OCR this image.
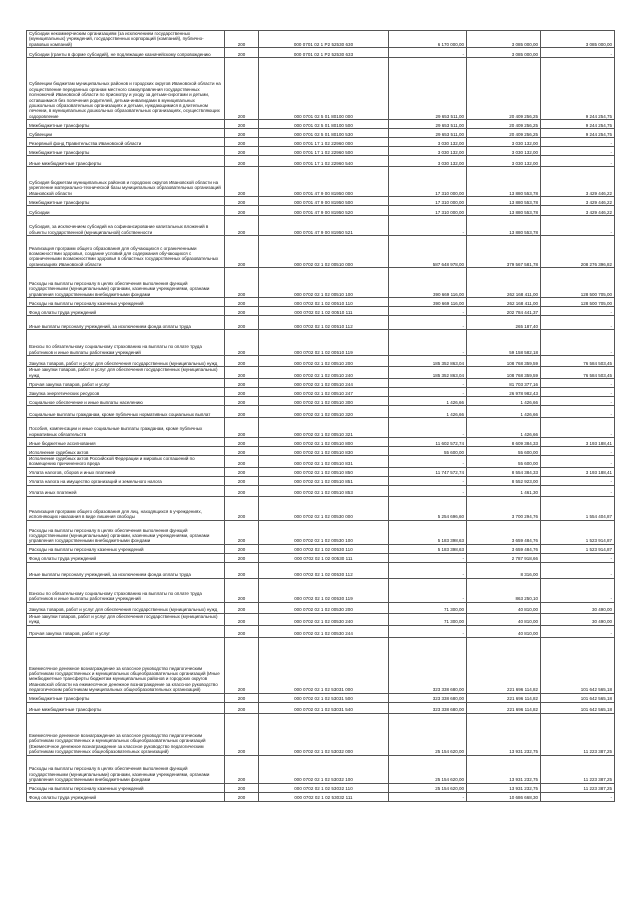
Субсидии некоммерческим организациям (за исключением государственных (муниципальных) учреждений, государственных корпораций (компаний), публично-правовых компаний)	200	000 0701 02 1 P2 52530 630	6 170 000,00	3 085 000,00	3 085 000,00
Субсидии (гранты в форме субсидий), не подлежащие казначейскому сопровождению	200	000 0701 02 1 P2 52530 633	-	3 085 000,00	-
Субвенции бюджетам муниципальных районов и городских округов Ивановской области на осуществление переданных органам местного самоуправления государственных полномочий Ивановской области по присмотру и уходу за детьми-сиротами и детьми, оставшимися без попечения родителей, детьми-инвалидами в муниципальных дошкольных образовательных организациях и детьми, нуждающимися в длительном лечении, в муниципальных дошкольных образовательных организациях, осуществляющих оздоровление	200	000 0701 02 5 01 80100 000	29 653 511,00	20 409 256,25	9 244 254,75
Межбюджетные трансферты	200	000 0701 02 5 01 80100 500	29 653 511,00	20 409 256,25	9 244 254,75
Субвенции	200	000 0701 02 5 01 80100 530	29 653 511,00	20 409 256,25	9 244 254,75
Резервный фонд Правительства Ивановской области	200	000 0701 17 1 02 22960 000	3 030 132,00	3 030 132,00	-
Межбюджетные трансферты	200	000 0701 17 1 02 22960 500	3 030 132,00	3 030 132,00	-
Иные межбюджетные трансферты	200	000 0701 17 1 02 22960 540	3 030 132,00	3 030 132,00	-
Субсидия бюджетам муниципальных районов и городских округов Ивановской области на укрепление материально-технической базы муниципальных образовательных организаций Ивановской области	200	000 0701 47 9 00 81950 000	17 310 000,00	13 880 553,78	3 429 446,22
Межбюджетные трансферты	200	000 0701 47 9 00 81950 500	17 310 000,00	13 880 553,78	3 429 446,22
Субсидии	200	000 0701 47 9 00 81950 520	17 310 000,00	13 880 553,78	3 429 446,22
Субсидия, за исключением субсидий на софинансирование капитальных вложений в объекты государственной (муниципальной) собственности	200	000 0701 47 9 00 81950 521	-	13 880 553,78	-
Реализация программ общего образования для обучающихся с ограниченными возможностями здоровья, создание условий для содержания обучающихся с ограниченными возможностями здоровья в областных государственных образовательных организациях Ивановской области	200	000 0702 02 1 02 00510 000	587 648 978,00	379 567 581,78	208 276 396,82
Расходы на выплаты персоналу в целях обеспечения выполнения функций государственными (муниципальными) органами, казенными учреждениями, органами управления государственными внебюджетными фондами	200	000 0702 02 1 02 00510 100	390 669 116,00	262 168 411,00	128 500 705,00
Расходы на выплаты персоналу казенных учреждений	200	000 0702 02 1 02 00510 110	390 669 116,00	262 168 411,00	128 500 705,00
Фонд оплаты труда учреждений	200	000 0702 02 1 02 00510 111	-	202 784 441,37	-
Иные выплаты персоналу учреждений, за исключением фонда оплаты труда	200	000 0702 02 1 02 00510 112	-	265 187,40	-
Взносы по обязательному социальному страхованию на выплаты по оплате труда работников и иные выплаты работникам учреждений	200	000 0702 02 1 02 00510 119	-	59 158 582,18	-
Закупка товаров, работ и услуг для обеспечения государственных (муниципальных) нужд	200	000 0702 02 1 02 00510 200	185 352 863,04	108 768 359,59	76 584 503,45
Иные закупки товаров, работ и услуг для обеспечения государственных (муниципальных) нужд	200	000 0702 02 1 02 00510 240	185 352 863,04	108 768 359,59	76 584 503,45
Прочая закупка товаров, работ и услуг	200	000 0702 02 1 02 00510 244	-	81 703 377,16	-
Закупка энергетических ресурсов	200	000 0702 02 1 02 00510 247	-	26 978 982,43	-
Социальное обеспечение и иные выплаты населению	200	000 0702 02 1 02 00510 300	1 426,66	1 426,66	-
Социальные выплаты гражданам, кроме публичных нормативных социальных выплат	200	000 0702 02 1 02 00510 320	1 426,66	1 426,66	-
Пособия, компенсации и иные социальные выплаты гражданам, кроме публичных нормативных обязательств	200	000 0702 02 1 02 00510 321	-	1 426,66	-
Иные бюджетные ассигнования	200	000 0702 02 1 02 00510 800	11 602 572,74	8 609 384,33	3 193 188,41
Исполнение судебных актов	200	000 0702 02 1 02 00510 830	55 600,00	55 600,00	-
Исполнение судебных актов Российской Федерации и мировых соглашений по возмещению причиненного вреда	200	000 0702 02 1 02 00510 831	-	55 600,00	-
Уплата налогов, сборов и иных платежей	200	000 0702 02 1 02 00510 850	11 747 572,74	8 554 384,33	3 193 188,41
Уплата налога на имущество организаций и земельного налога	200	000 0702 02 1 02 00510 851	-	8 552 923,00	-
Уплата иных платежей	200	000 0702 02 1 02 00510 853	-	1 461,30	-
Реализация программ общего образования для лиц, находящихся в учреждениях, исполняющих наказания в виде лишения свободы	200	000 0702 02 1 02 00530 000	5 254 696,60	3 700 294,76	1 554 404,87
Расходы на выплаты персоналу в целях обеспечения выполнения функций государственными (муниципальными) органами, казенными учреждениями, органами управления государственными внебюджетными фондами	200	000 0702 02 1 02 00530 100	5 183 398,63	3 659 484,76	1 523 914,87
Расходы на выплаты персоналу казенных учреждений	200	000 0702 02 1 02 00530 110	5 183 398,63	3 659 484,76	1 523 914,87
Фонд оплаты труда учреждений	200	000 0702 02 1 02 00530 111	-	2 787 918,66	-
Иные выплаты персоналу учреждений, за исключением фонда оплаты труда	200	000 0702 02 1 02 00530 112	-	8 316,00	-
Взносы по обязательному социальному страхованию на выплаты по оплате труда работников и иные выплаты работникам учреждений	200	000 0702 02 1 02 00530 119	-	863 250,10	-
Закупка товаров, работ и услуг для обеспечения государственных (муниципальных) нужд	200	000 0702 02 1 02 00530 200	71 300,00	40 810,00	30 490,00
Иные закупки товаров, работ и услуг для обеспечения государственных (муниципальных) нужд	200	000 0702 02 1 02 00530 240	71 300,00	40 810,00	30 490,00
Прочая закупка товаров, работ и услуг	200	000 0702 02 1 02 00530 244	-	40 810,00	-
Ежемесячное денежное вознаграждение за классное руководство педагогическим работникам государственных и муниципальных общеобразовательных организаций (Иные межбюджетные трансферты бюджетам муниципальных районов и городских округов Ивановской области на ежемесячное денежное вознаграждение за классное руководство педагогическим работникам муниципальных общеобразовательных организаций)	200	000 0702 02 1 02 53031 000	323 338 680,00	221 696 114,82	101 642 565,18
Межбюджетные трансферты	200	000 0702 02 1 02 53031 500	323 338 680,00	221 696 114,82	101 642 565,18
Иные межбюджетные трансферты	200	000 0702 02 1 02 53031 540	323 338 680,00	221 696 114,82	101 642 565,18
Ежемесячное денежное вознаграждение за классное руководство педагогическим работникам государственных и муниципальных общеобразовательных организаций (Ежемесячное денежное вознаграждение за классное руководство педагогическим работникам государственных общеобразовательных организаций)	200	000 0702 02 1 02 53032 000	25 154 620,00	13 931 232,75	11 223 387,25
Расходы на выплаты персоналу в целях обеспечения выполнения функций государственными (муниципальными) органами, казенными учреждениями, органами управления государственными внебюджетными фондами	200	000 0702 02 1 02 53032 100	25 154 620,00	13 931 232,75	11 223 387,25
Расходы на выплаты персоналу казенных учреждений	200	000 0702 02 1 02 53032 110	25 154 620,00	13 931 232,75	11 223 387,25
Фонд оплаты труда учреждений	200	000 0702 02 1 02 53032 111	-	10 686 668,30	-
